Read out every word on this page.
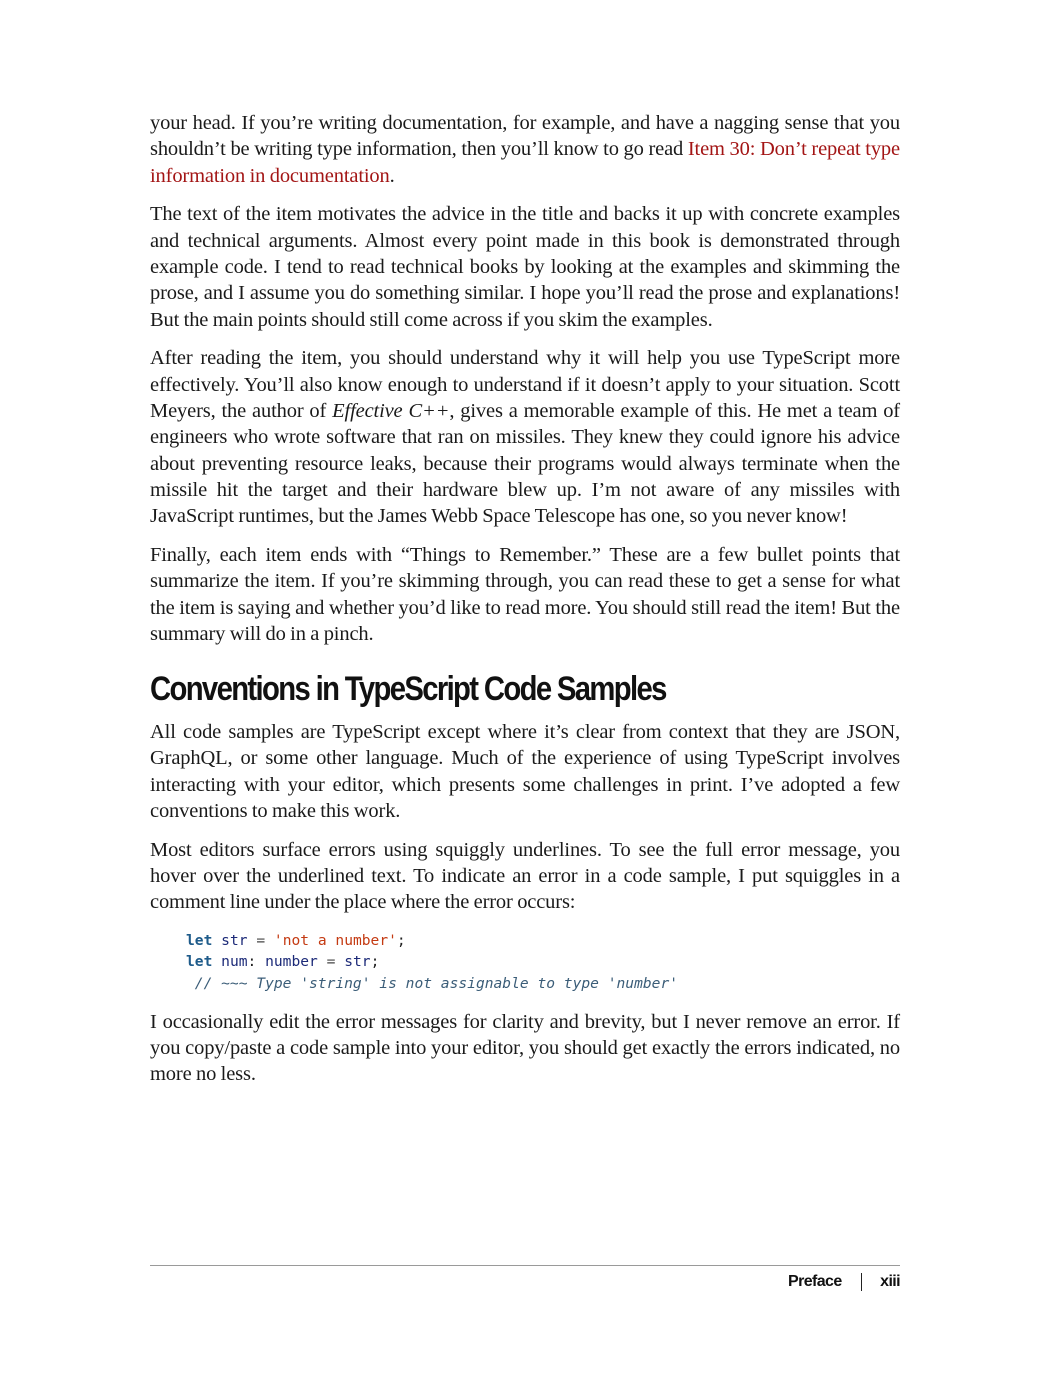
your head. If you’re writing documentation, for example, and have a nagging sense that you shouldn’t be writing type information, then you’ll know to go read Item 30: Don’t repeat type information in documentation.

The text of the item motivates the advice in the title and backs it up with concrete examples and technical arguments. Almost every point made in this book is demonstrated through example code. I tend to read technical books by looking at the examples and skimming the prose, and I assume you do something similar. I hope you’ll read the prose and explanations! But the main points should still come across if you skim the examples.

After reading the item, you should understand why it will help you use TypeScript more effectively. You’ll also know enough to understand if it doesn’t apply to your situation. Scott Meyers, the author of Effective C++, gives a memorable example of this. He met a team of engineers who wrote software that ran on missiles. They knew they could ignore his advice about preventing resource leaks, because their programs would always terminate when the missile hit the target and their hardware blew up. I’m not aware of any missiles with JavaScript runtimes, but the James Webb Space Telescope has one, so you never know!

Finally, each item ends with “Things to Remember.” These are a few bullet points that summarize the item. If you’re skimming through, you can read these to get a sense for what the item is saying and whether you’d like to read more. You should still read the item! But the summary will do in a pinch.

Conventions in TypeScript Code Samples

All code samples are TypeScript except where it’s clear from context that they are JSON, GraphQL, or some other language. Much of the experience of using TypeScript involves interacting with your editor, which presents some challenges in print. I’ve adopted a few conventions to make this work.

Most editors surface errors using squiggly underlines. To see the full error message, you hover over the underlined text. To indicate an error in a code sample, I put squiggles in a comment line under the place where the error occurs:

let str = 'not a number';
let num: number = str;
// ~~~ Type 'string' is not assignable to type 'number'

I occasionally edit the error messages for clarity and brevity, but I never remove an error. If you copy/paste a code sample into your editor, you should get exactly the errors indicated, no more no less.

Preface xiii
